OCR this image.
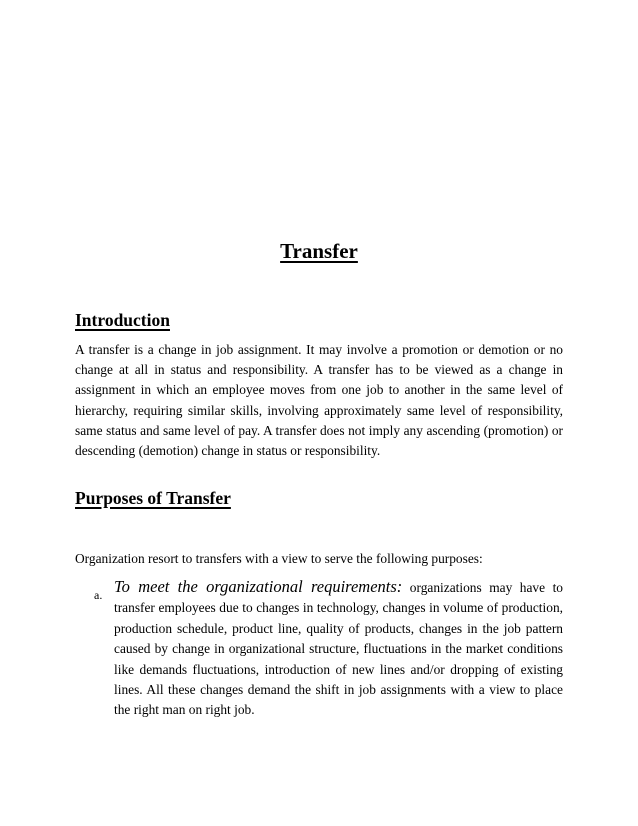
Transfer
Introduction

A transfer is a change in job assignment. It may involve a promotion or demotion or no change at all in status and responsibility. A transfer has to be viewed as a change in assignment in which an employee moves from one job to another in the same level of hierarchy, requiring similar skills, involving approximately same level of responsibility, same status and same level of pay. A transfer does not imply any ascending (promotion) or descending (demotion) change in status or responsibility.

Purposes of Transfer

Organization resort to transfers with a view to serve the following purposes:

a. To meet the organizational requirements: organizations may have to transfer employees due to changes in technology, changes in volume of production, production schedule, product line, quality of products, changes in the job pattern caused by change in organizational structure, fluctuations in the market conditions like demands fluctuations, introduction of new lines and/or dropping of existing lines. All these changes demand the shift in job assignments with a view to place the right man on right job.
